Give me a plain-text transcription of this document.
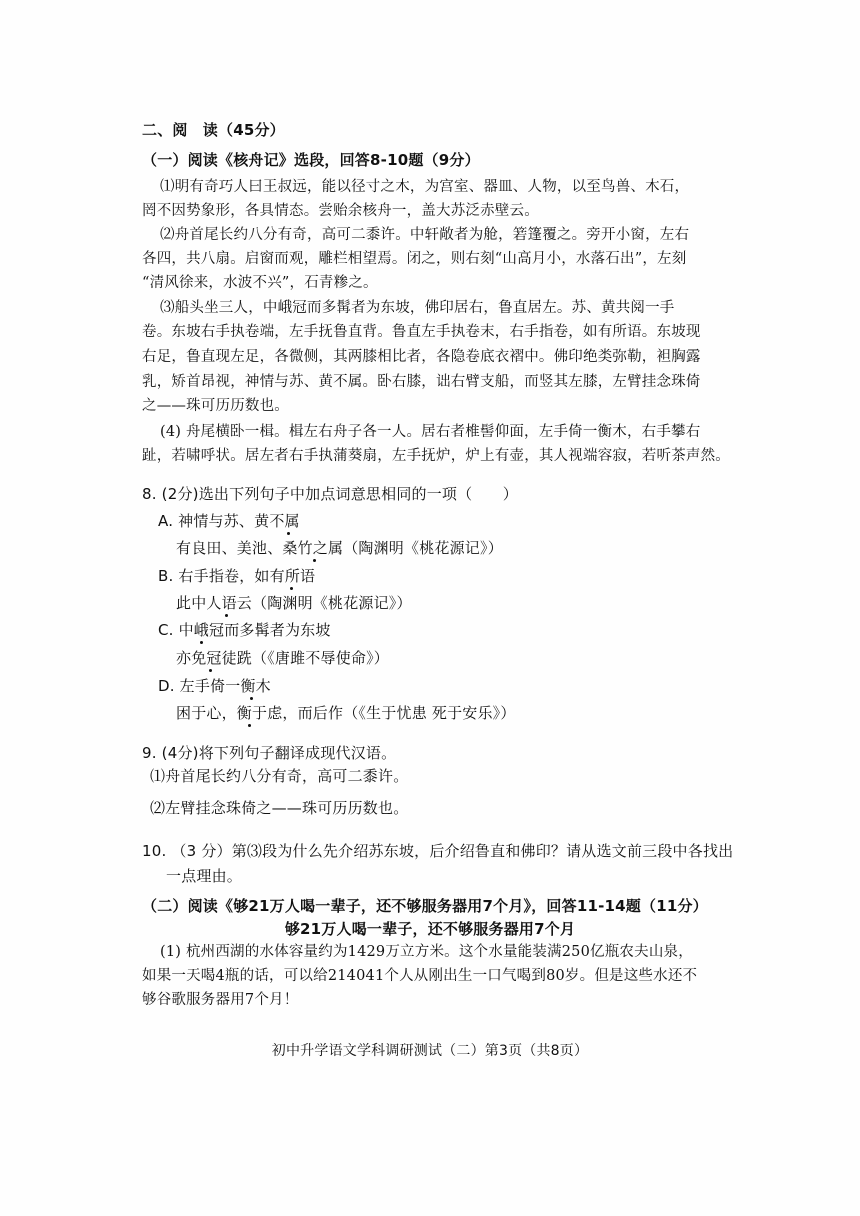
二、阅　读（45分）
（一）阅读《核舟记》选段，回答8-10题（9分）
⑴明有奇巧人曰王叔远，能以径寸之木，为宫室、器皿、人物，以至鸟兽、木石，
罔不因势象形，各具情态。尝贻余核舟一，盖大苏泛赤壁云。
⑵舟首尾长约八分有奇，高可二黍许。中轩敞者为舱，箬篷覆之。旁开小窗，左右
各四，共八扇。启窗而观，雕栏相望焉。闭之，则右刻“山高月小，水落石出”，左刻
“清风徐来，水波不兴”，石青糁之。
⑶船头坐三人，中峨冠而多髯者为东坡，佛印居右，鲁直居左。苏、黄共阅一手
卷。东坡右手执卷端，左手抚鲁直背。鲁直左手执卷末，右手指卷，如有所语。东坡现
右足，鲁直现左足，各微侧，其两膝相比者，各隐卷底衣褶中。佛印绝类弥勒，袒胸露
乳，矫首昂视，神情与苏、黄不属。卧右膝，诎右臂支船，而竖其左膝，左臂挂念珠倚
之——珠可历历数也。
(4) 舟尾横卧一楫。楫左右舟子各一人。居右者椎髻仰面，左手倚一衡木，右手攀右
趾，若啸呼状。居左者右手执蒲葵扇，左手抚炉，炉上有壶，其人视端容寂，若听茶声然。
8. (2分)选出下列句子中加点词意思相同的一项（　　）
A. 神情与苏、黄不属
有良田、美池、桑竹之属（陶渊明《桃花源记》）
B. 右手指卷，如有所语
此中人语云（陶渊明《桃花源记》）
C. 中峨冠而多髯者为东坡
亦免冠徒跣（《唐雎不辱使命》）
D. 左手倚一衡木
困于心，衡于虑，而后作（《生于忧患 死于安乐》）
9. (4分)将下列句子翻译成现代汉语。
⑴舟首尾长约八分有奇，高可二黍许。
⑵左臂挂念珠倚之——珠可历历数也。
10. （3 分）第⑶段为什么先介绍苏东坡，后介绍鲁直和佛印？请从选文前三段中各找出
一点理由。
（二）阅读《够21万人喝一辈子，还不够服务器用7个月》，回答11-14题（11分）
够21万人喝一辈子，还不够服务器用7个月
(1) 杭州西湖的水体容量约为1429万立方米。这个水量能装满250亿瓶农夫山泉，
如果一天喝4瓶的话，可以给214041个人从刚出生一口气喝到80岁。但是这些水还不
够谷歌服务器用7个月！
初中升学语文学科调研测试（二）第3页（共8页）
